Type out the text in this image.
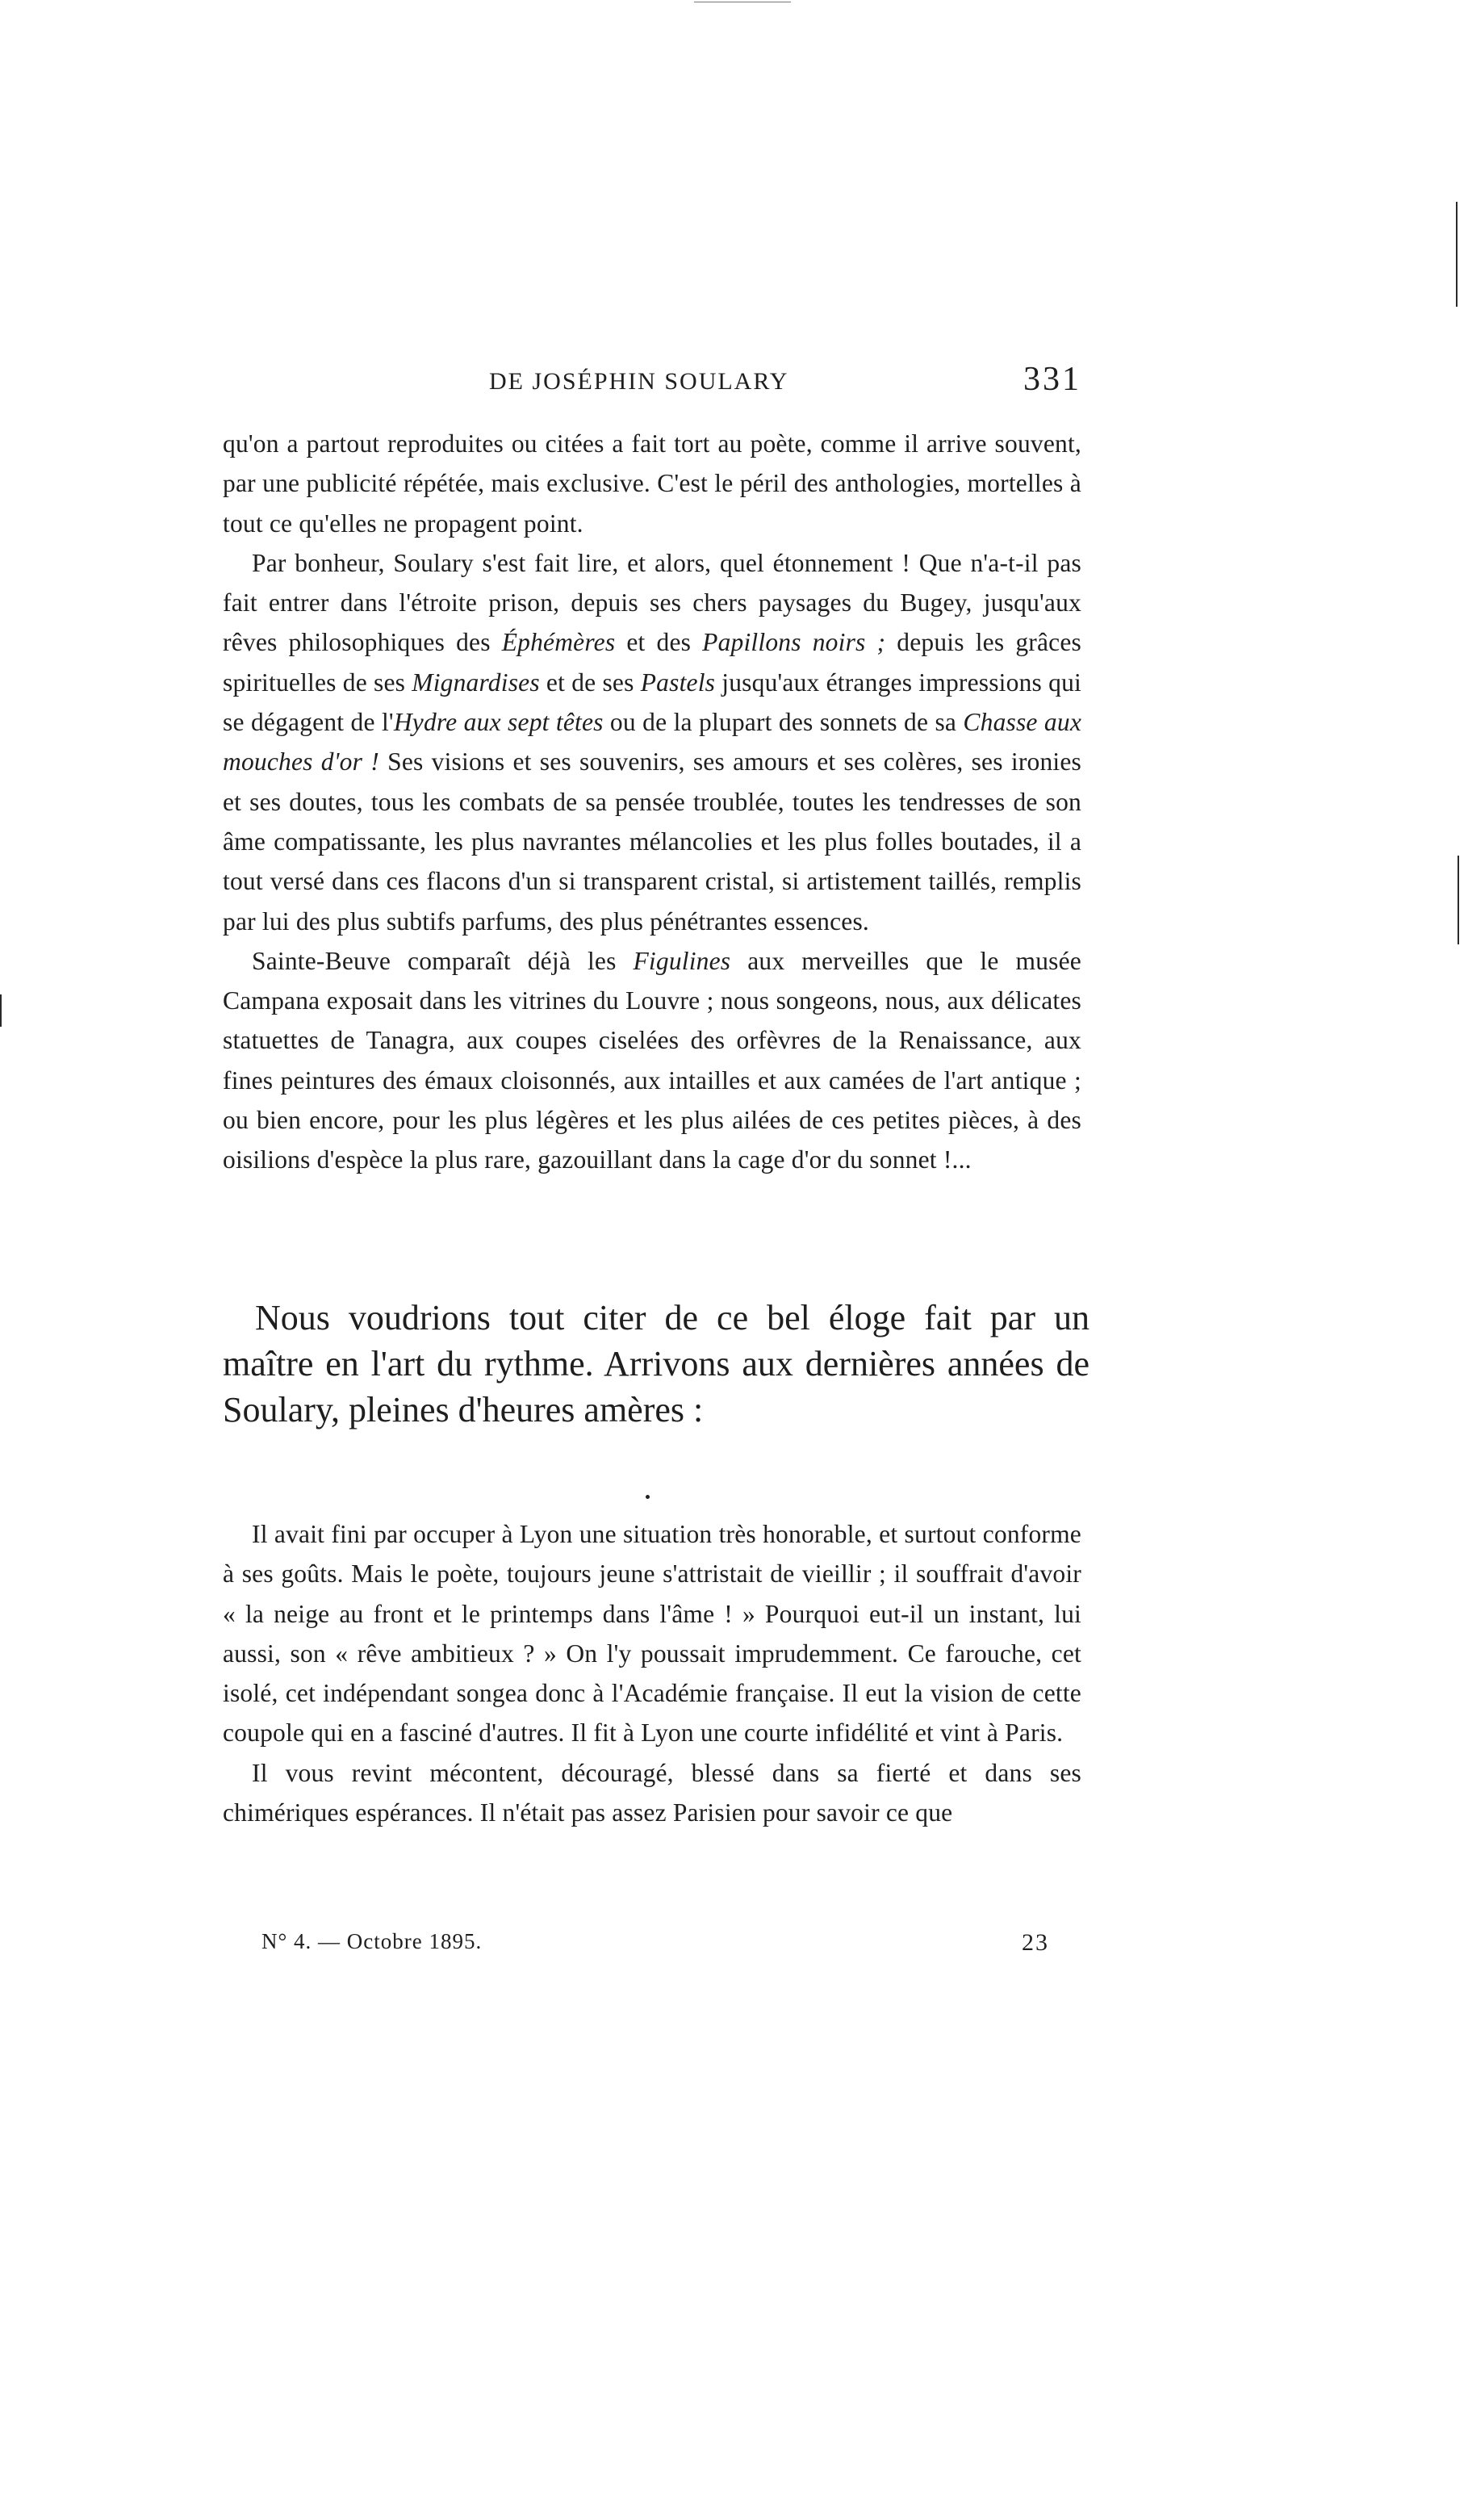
DE JOSÉPHIN SOULARY	331

qu'on a partout reproduites ou citées a fait tort au poète, comme il arrive souvent, par une publicité répétée, mais exclusive. C'est le péril des anthologies, mortelles à tout ce qu'elles ne propagent point.

Par bonheur, Soulary s'est fait lire, et alors, quel étonnement ! Que n'a-t-il pas fait entrer dans l'étroite prison, depuis ses chers paysages du Bugey, jusqu'aux rêves philosophiques des Éphémères et des Papillons noirs ; depuis les grâces spirituelles de ses Mignardises et de ses Pastels jusqu'aux étranges impressions qui se dégagent de l'Hydre aux sept têtes ou de la plupart des sonnets de sa Chasse aux mouches d'or ! Ses visions et ses souvenirs, ses amours et ses colères, ses ironies et ses doutes, tous les combats de sa pensée troublée, toutes les tendresses de son âme compatissante, les plus navrantes mélancolies et les plus folles boutades, il a tout versé dans ces flacons d'un si transparent cristal, si artistement taillés, remplis par lui des plus subtifs parfums, des plus pénétrantes essences.

Sainte-Beuve comparaît déjà les Figulines aux merveilles que le musée Campana exposait dans les vitrines du Louvre ; nous songeons, nous, aux délicates statuettes de Tanagra, aux coupes ciselées des orfèvres de la Renaissance, aux fines peintures des émaux cloisonnés, aux intailles et aux camées de l'art antique ; ou bien encore, pour les plus légères et les plus ailées de ces petites pièces, à des oisilions d'espèce la plus rare, gazouillant dans la cage d'or du sonnet !...

Nous voudrions tout citer de ce bel éloge fait par un maître en l'art du rythme. Arrivons aux dernières années de Soulary, pleines d'heures amères :

Il avait fini par occuper à Lyon une situation très honorable, et surtout conforme à ses goûts. Mais le poète, toujours jeune s'attristait de vieillir ; il souffrait d'avoir « la neige au front et le printemps dans l'âme ! » Pourquoi eut-il un instant, lui aussi, son « rêve ambitieux ? » On l'y poussait imprudemment. Ce farouche, cet isolé, cet indépendant songea donc à l'Académie française. Il eut la vision de cette coupole qui en a fasciné d'autres. Il fit à Lyon une courte infidélité et vint à Paris.

Il vous revint mécontent, découragé, blessé dans sa fierté et dans ses chimériques espérances. Il n'était pas assez Parisien pour savoir ce que

N° 4. — Octobre 1895.	23
